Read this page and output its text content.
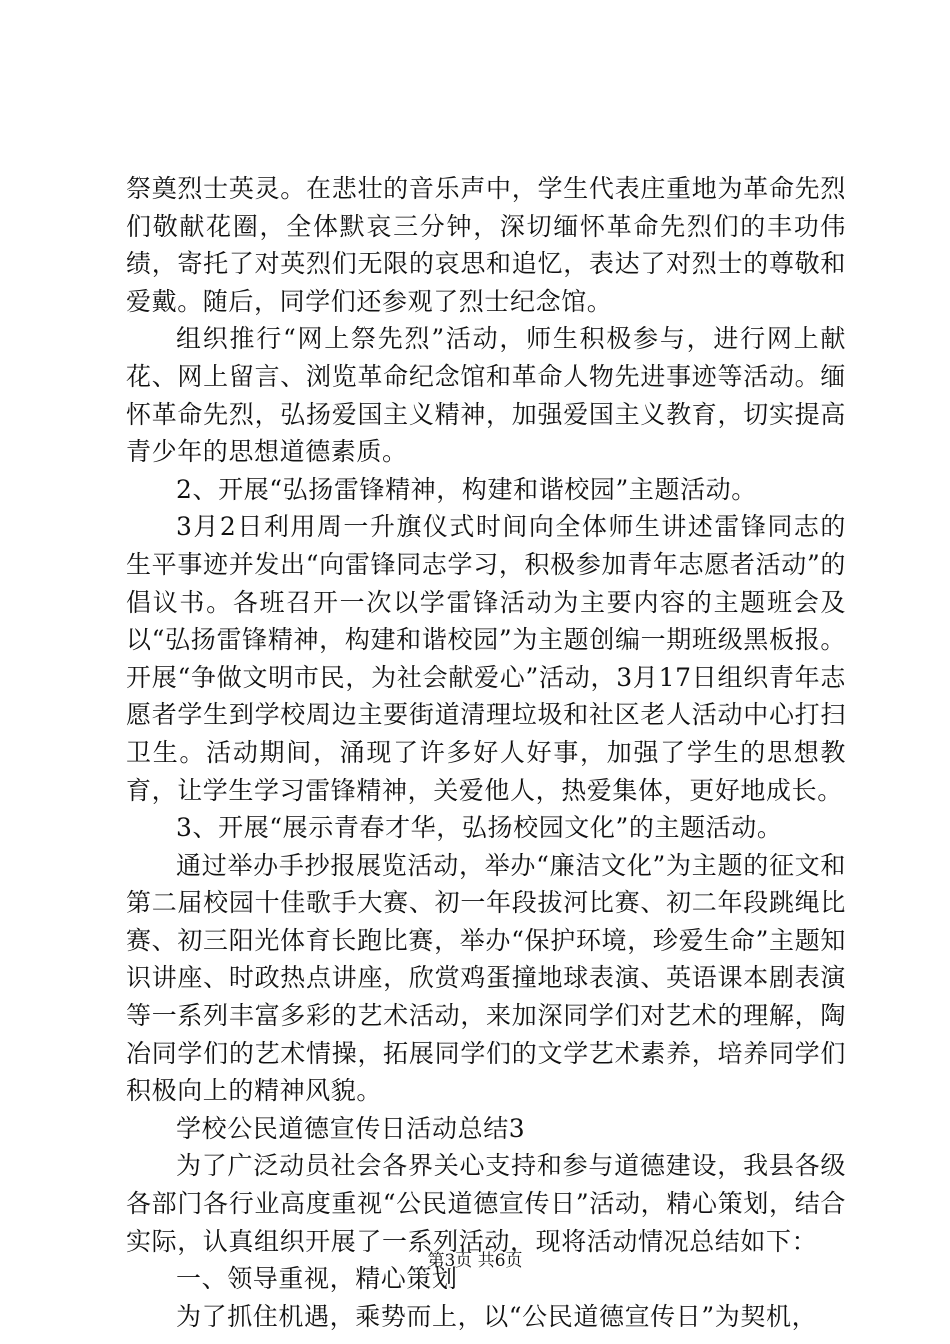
祭奠烈士英灵。在悲壮的音乐声中，学生代表庄重地为革命先烈们敬献花圈，全体默哀三分钟，深切缅怀革命先烈们的丰功伟绩，寄托了对英烈们无限的哀思和追忆，表达了对烈士的尊敬和爱戴。随后，同学们还参观了烈士纪念馆。

组织推行“网上祭先烈”活动，师生积极参与，进行网上献花、网上留言、浏览革命纪念馆和革命人物先进事迹等活动。缅怀革命先烈，弘扬爱国主义精神，加强爱国主义教育，切实提高青少年的思想道德素质。

2、开展“弘扬雷锋精神，构建和谐校园”主题活动。

3月2日利用周一升旗仪式时间向全体师生讲述雷锋同志的生平事迹并发出“向雷锋同志学习，积极参加青年志愿者活动”的倡议书。各班召开一次以学雷锋活动为主要内容的主题班会及以“弘扬雷锋精神，构建和谐校园”为主题创编一期班级黑板报。开展“争做文明市民，为社会献爱心”活动，3月17日组织青年志愿者学生到学校周边主要街道清理垃圾和社区老人活动中心打扫卫生。活动期间，涌现了许多好人好事，加强了学生的思想教育，让学生学习雷锋精神，关爱他人，热爱集体，更好地成长。

3、开展“展示青春才华，弘扬校园文化”的主题活动。

通过举办手抄报展览活动，举办“廉洁文化”为主题的征文和第二届校园十佳歌手大赛、初一年段拔河比赛、初二年段跳绳比赛、初三阳光体育长跑比赛，举办“保护环境，珍爱生命”主题知识讲座、时政热点讲座，欣赏鸡蛋撞地球表演、英语课本剧表演等一系列丰富多彩的艺术活动，来加深同学们对艺术的理解，陶冶同学们的艺术情操，拓展同学们的文学艺术素养，培养同学们积极向上的精神风貌。

学校公民道德宣传日活动总结3

为了广泛动员社会各界关心支持和参与道德建设，我县各级各部门各行业高度重视“公民道德宣传日”活动，精心策划，结合实际，认真组织开展了一系列活动，现将活动情况总结如下：

一、领导重视，精心策划

为了抓住机遇，乘势而上，以“公民道德宣传日”为契机，

第3页 共6页
